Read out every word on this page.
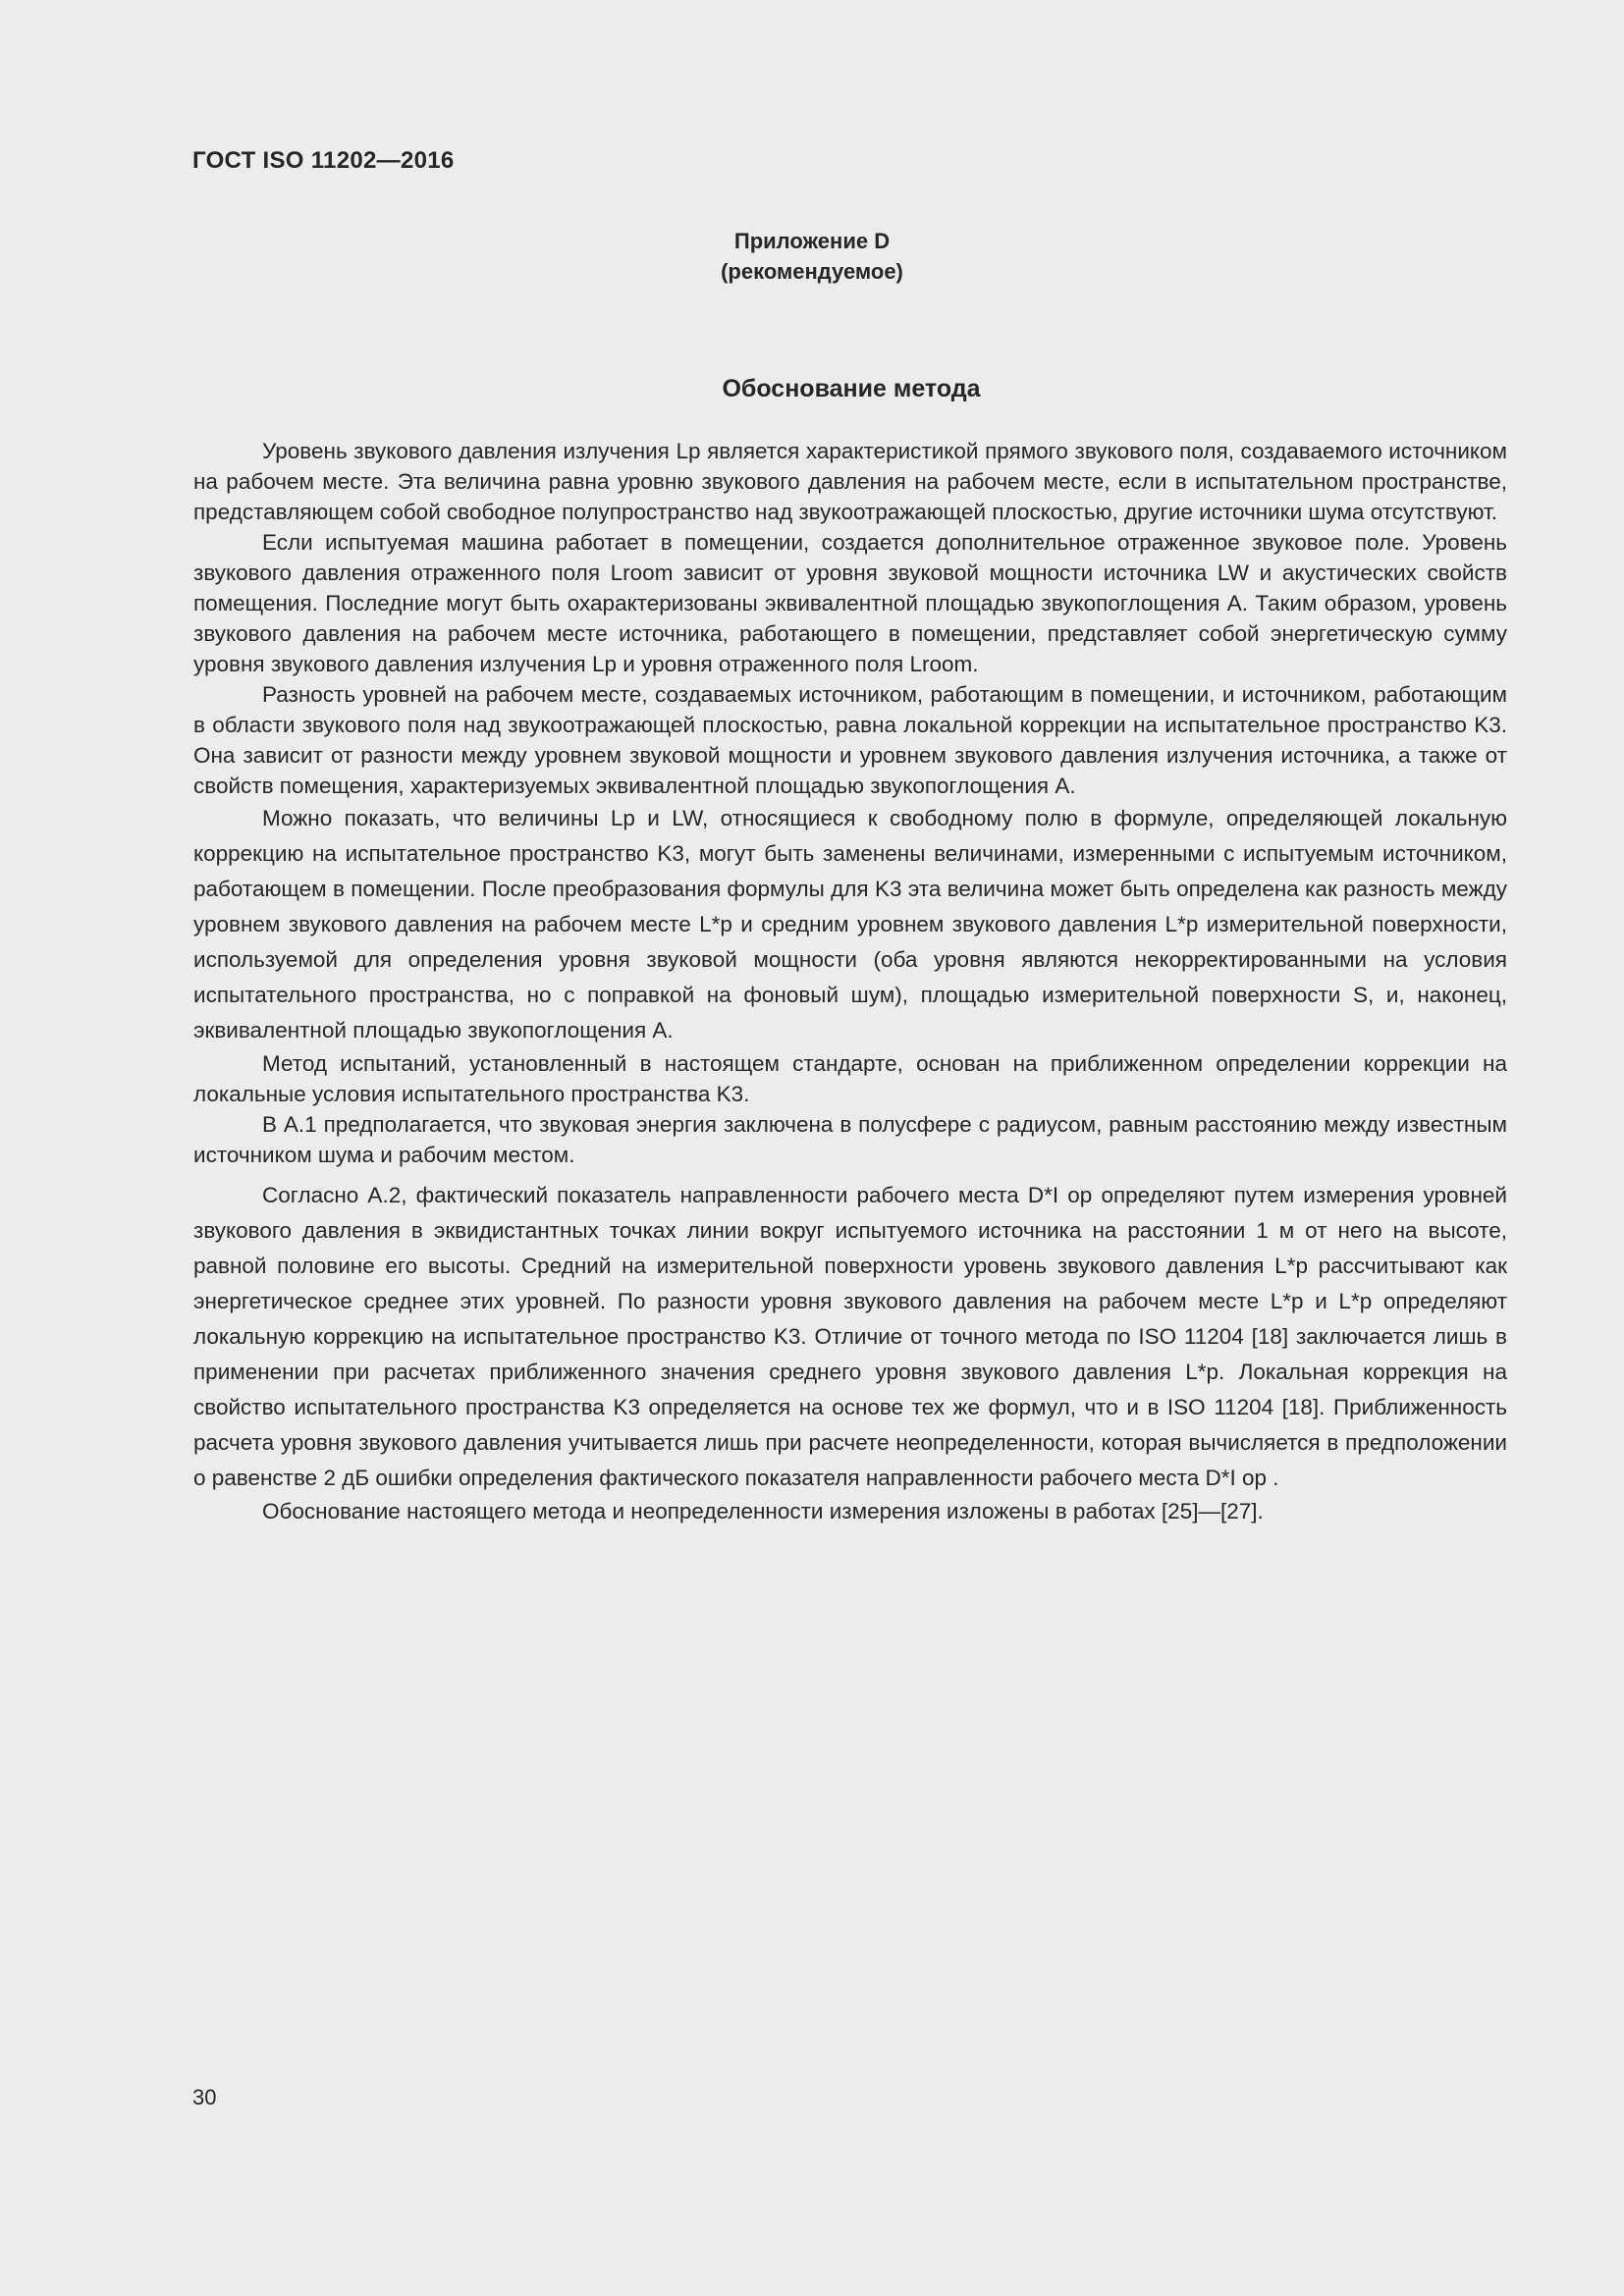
ГОСТ ISO 11202—2016
Приложение D
(рекомендуемое)
Обоснование метода

Уровень звукового давления излучения Lp является характеристикой прямого звукового поля, создаваемого источником на рабочем месте. Эта величина равна уровню звукового давления на рабочем месте, если в испытательном пространстве, представляющем собой свободное полупространство над звукоотражающей плоскостью, другие источники шума отсутствуют.

Если испытуемая машина работает в помещении, создается дополнительное отраженное звуковое поле. Уровень звукового давления отраженного поля Lroom зависит от уровня звуковой мощности источника LW и акустических свойств помещения. Последние могут быть охарактеризованы эквивалентной площадью звукопоглощения A. Таким образом, уровень звукового давления на рабочем месте источника, работающего в помещении, представляет собой энергетическую сумму уровня звукового давления излучения Lp и уровня отраженного поля Lroom.

Разность уровней на рабочем месте, создаваемых источником, работающим в помещении, и источником, работающим в области звукового поля над звукоотражающей плоскостью, равна локальной коррекции на испытательное пространство K3. Она зависит от разности между уровнем звуковой мощности и уровнем звукового давления излучения источника, а также от свойств помещения, характеризуемых эквивалентной площадью звукопоглощения A.

Можно показать, что величины Lp и LW, относящиеся к свободному полю в формуле, определяющей локальную коррекцию на испытательное пространство K3, могут быть заменены величинами, измеренными с испытуемым источником, работающем в помещении. После преобразования формулы для K3 эта величина может быть определена как разность между уровнем звукового давления на рабочем месте L*p и средним уровнем звукового давления L*p измерительной поверхности, используемой для определения уровня звуковой мощности (оба уровня являются некорректированными на условия испытательного пространства, но с поправкой на фоновый шум), площадью измерительной поверхности S, и, наконец, эквивалентной площадью звукопоглощения A.

Метод испытаний, установленный в настоящем стандарте, основан на приближенном определении коррекции на локальные условия испытательного пространства K3.

В А.1 предполагается, что звуковая энергия заключена в полусфере с радиусом, равным расстоянию между известным источником шума и рабочим местом.

Согласно А.2, фактический показатель направленности рабочего места D*I op определяют путем измерения уровней звукового давления в эквидистантных точках линии вокруг испытуемого источника на расстоянии 1 м от него на высоте, равной половине его высоты. Средний на измерительной поверхности уровень звукового давления L*p рассчитывают как энергетическое среднее этих уровней. По разности уровня звукового давления на рабочем месте L*p и L*p определяют локальную коррекцию на испытательное пространство K3. Отличие от точного метода по ISO 11204 [18] заключается лишь в применении при расчетах приближенного значения среднего уровня звукового давления L*p. Локальная коррекция на свойство испытательного пространства K3 определяется на основе тех же формул, что и в ISO 11204 [18]. Приближенность расчета уровня звукового давления учитывается лишь при расчете неопределенности, которая вычисляется в предположении о равенстве 2 дБ ошибки определения фактического показателя направленности рабочего места D*I op .

Обоснование настоящего метода и неопределенности измерения изложены в работах [25]—[27].

30
